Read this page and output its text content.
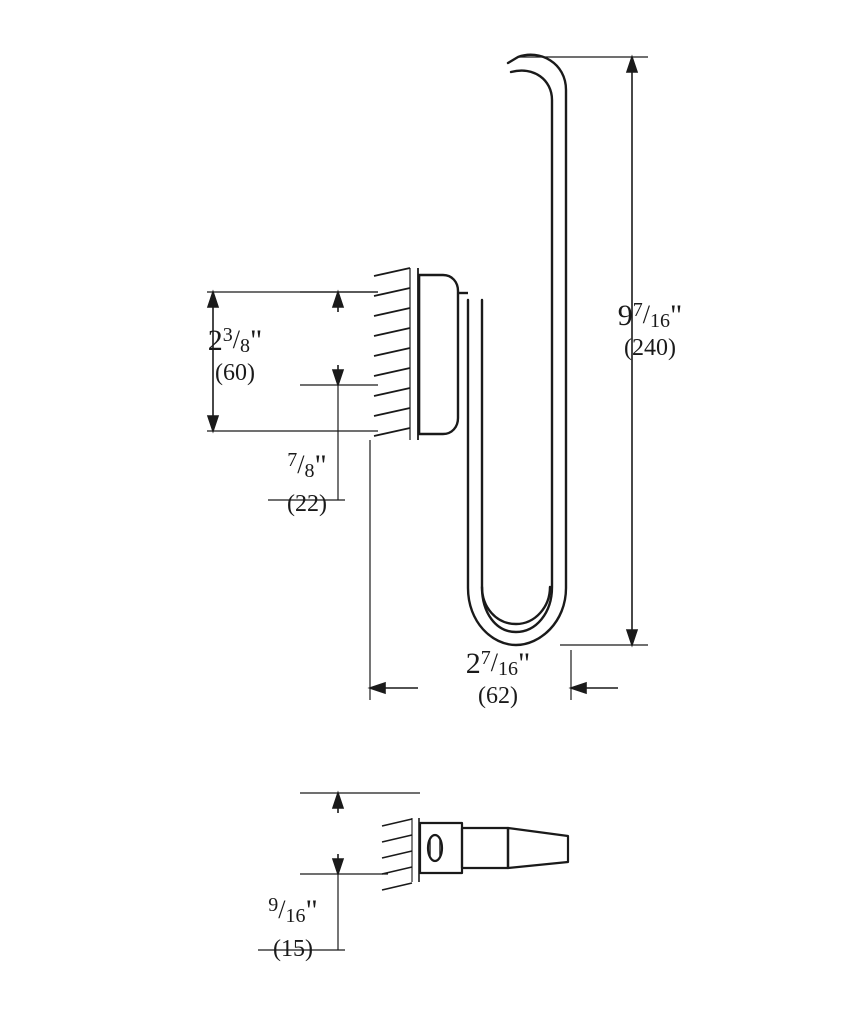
$9^7/16$"
(240)
$2^3/8$"
(60)
$^7$/8"
(22)
$2^7/16$"
(62)
$^9$/16"
(15)
